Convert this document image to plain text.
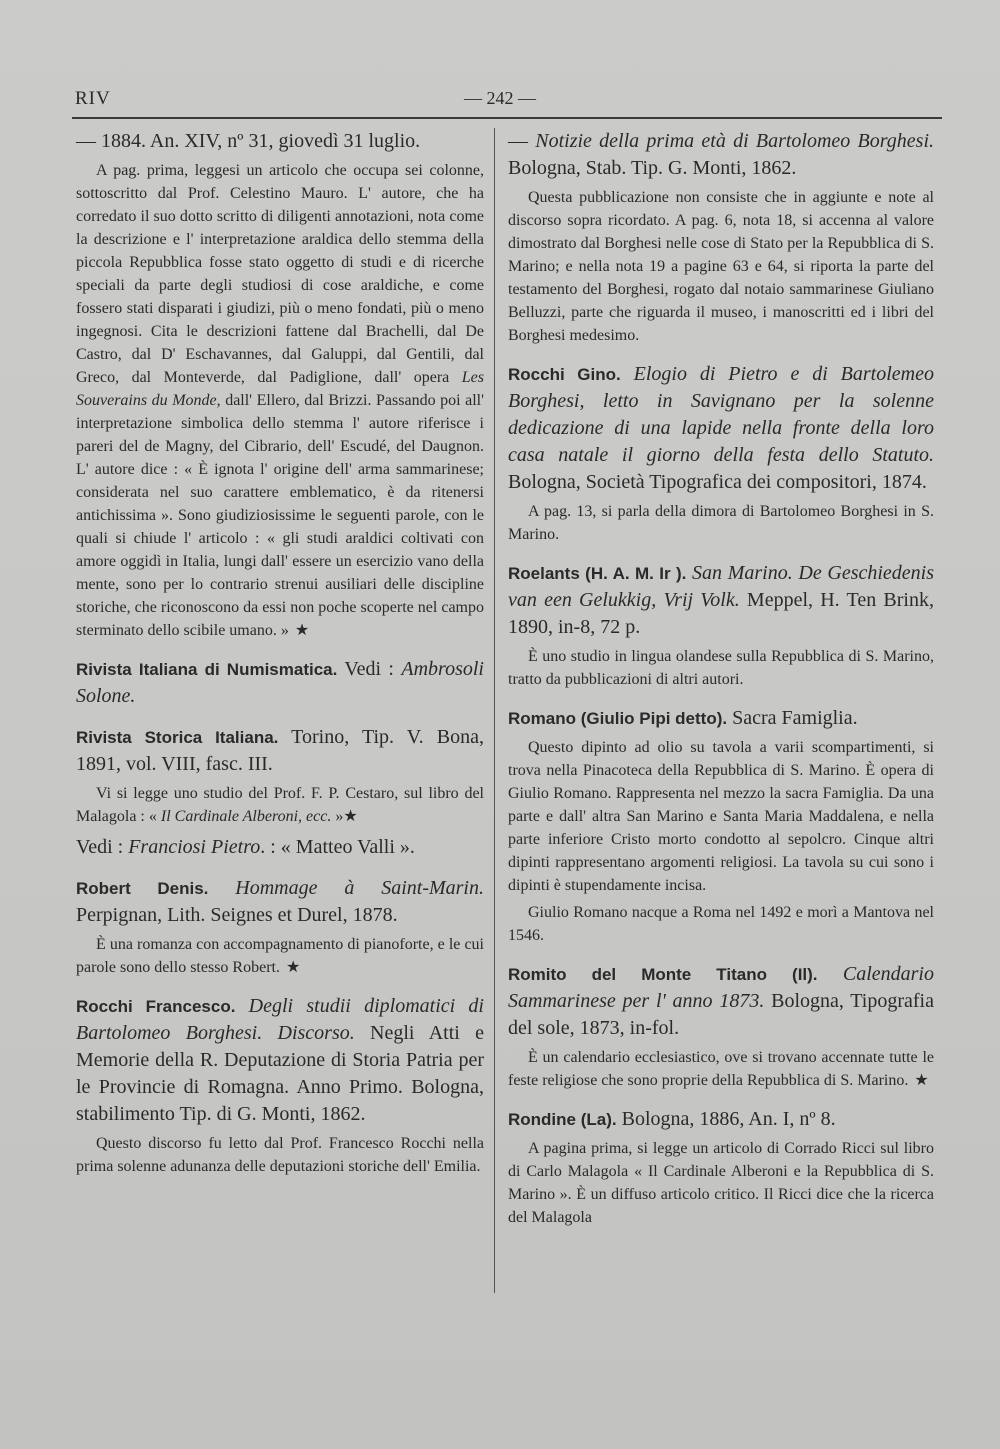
RIV	— 242 —

— 1884. An. XIV, nº 31, giovedì 31 luglio.

A pag. prima, leggesi un articolo che occupa sei colonne, sottoscritto dal Prof. Celestino Mauro. L' autore, che ha corredato il suo dotto scritto di diligenti annotazioni, nota come la descrizione e l' interpretazione araldica dello stemma della piccola Repubblica fosse stato oggetto di studi e di ricerche speciali da parte degli studiosi di cose araldiche, e come fossero stati disparati i giudizi, più o meno fondati, più o meno ingegnosi. Cita le descrizioni fattene dal Brachelli, dal De Castro, dal D' Eschavannes, dal Galuppi, dal Gentili, dal Greco, dal Monteverde, dal Padiglione, dall' opera Les Souverains du Monde, dall' Ellero, dal Brizzi. Passando poi all' interpretazione simbolica dello stemma l' autore riferisce i pareri del de Magny, del Cibrario, dell' Escudé, del Daugnon. L' autore dice : « È ignota l' origine dell' arma sammarinese; considerata nel suo carattere emblematico, è da ritenersi antichissima ». Sono giudiziosissime le seguenti parole, con le quali si chiude l' articolo : « gli studi araldici coltivati con amore oggidì in Italia, lungi dall' essere un esercizio vano della mente, sono per lo contrario strenui ausiliari delle discipline storiche, che riconoscono da essi non poche scoperte nel campo sterminato dello scibile umano. » ★

Rivista Italiana di Numismatica. Vedi : Ambrosoli Solone.

Rivista Storica Italiana. Torino, Tip. V. Bona, 1891, vol. VIII, fasc. III.

Vi si legge uno studio del Prof. F. P. Cestaro, sul libro del Malagola : « Il Cardinale Alberoni, ecc. »★

Vedi : Franciosi Pietro. : « Matteo Valli ».

Robert Denis. Hommage à Saint-Marin. Perpignan, Lith. Seignes et Durel, 1878.

È una romanza con accompagnamento di pianoforte, e le cui parole sono dello stesso Robert. ★

Rocchi Francesco. Degli studii diplomatici di Bartolomeo Borghesi. Discorso. Negli Atti e Memorie della R. Deputazione di Storia Patria per le Provincie di Romagna. Anno Primo. Bologna, stabilimento Tip. di G. Monti, 1862.

Questo discorso fu letto dal Prof. Francesco Rocchi nella prima solenne adunanza delle deputazioni storiche dell' Emilia.

— Notizie della prima età di Bartolomeo Borghesi. Bologna, Stab. Tip. G. Monti, 1862.

Questa pubblicazione non consiste che in aggiunte e note al discorso sopra ricordato. A pag. 6, nota 18, si accenna al valore dimostrato dal Borghesi nelle cose di Stato per la Repubblica di S. Marino; e nella nota 19 a pagine 63 e 64, si riporta la parte del testamento del Borghesi, rogato dal notaio sammarinese Giuliano Belluzzi, parte che riguarda il museo, i manoscritti ed i libri del Borghesi medesimo.

Rocchi Gino. Elogio di Pietro e di Bartolemeo Borghesi, letto in Savignano per la solenne dedicazione di una lapide nella fronte della loro casa natale il giorno della festa dello Statuto. Bologna, Società Tipografica dei compositori, 1874.

A pag. 13, si parla della dimora di Bartolomeo Borghesi in S. Marino.

Roelants (H. A. M. Ir ). San Marino. De Geschiedenis van een Gelukkig, Vrij Volk. Meppel, H. Ten Brink, 1890, in-8, 72 p.

È uno studio in lingua olandese sulla Repubblica di S. Marino, tratto da pubblicazioni di altri autori.

Romano (Giulio Pipi detto). Sacra Famiglia.

Questo dipinto ad olio su tavola a varii scompartimenti, si trova nella Pinacoteca della Repubblica di S. Marino. È opera di Giulio Romano. Rappresenta nel mezzo la sacra Famiglia. Da una parte e dall' altra San Marino e Santa Maria Maddalena, e nella parte inferiore Cristo morto condotto al sepolcro. Cinque altri dipinti rappresentano argomenti religiosi. La tavola su cui sono i dipinti è stupendamente incisa.

Giulio Romano nacque a Roma nel 1492 e morì a Mantova nel 1546.

Romito del Monte Titano (Il). Calendario Sammarinese per l' anno 1873. Bologna, Tipografia del sole, 1873, in-fol.

È un calendario ecclesiastico, ove si trovano accennate tutte le feste religiose che sono proprie della Repubblica di S. Marino. ★

Rondine (La). Bologna, 1886, An. I, nº 8.

A pagina prima, si legge un articolo di Corrado Ricci sul libro di Carlo Malagola « Il Cardinale Alberoni e la Repubblica di S. Marino ». È un diffuso articolo critico. Il Ricci dice che la ricerca del Malagola
